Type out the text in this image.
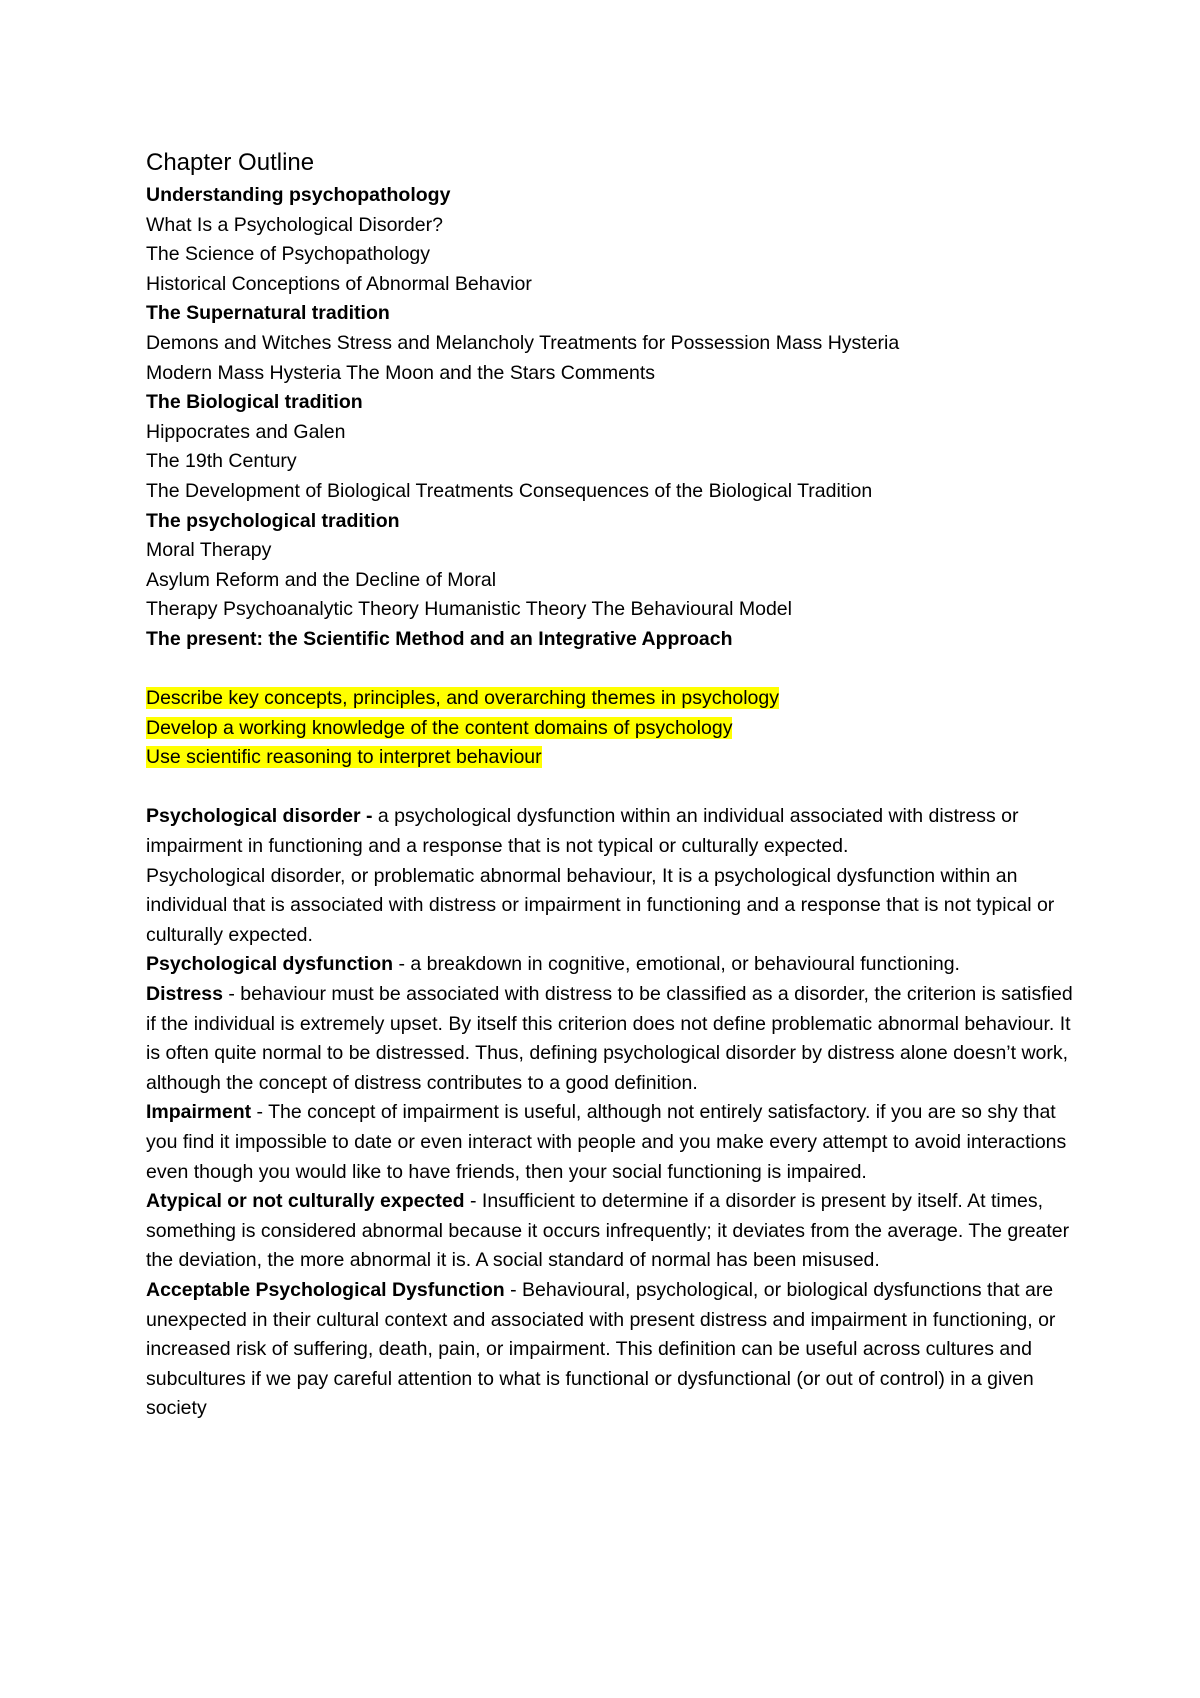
Chapter Outline
Understanding psychopathology
What Is a Psychological Disorder?
The Science of Psychopathology
Historical Conceptions of Abnormal Behavior
The Supernatural tradition
Demons and Witches Stress and Melancholy Treatments for Possession Mass Hysteria
Modern Mass Hysteria The Moon and the Stars Comments
The Biological tradition
Hippocrates and Galen
The 19th Century
The Development of Biological Treatments Consequences of the Biological Tradition
The psychological tradition
Moral Therapy
Asylum Reform and the Decline of Moral
Therapy Psychoanalytic Theory Humanistic Theory The Behavioural Model
The present: the Scientific Method and an Integrative Approach
Describe key concepts, principles, and overarching themes in psychology
Develop a working knowledge of the content domains of psychology
Use scientific reasoning to interpret behaviour
Psychological disorder - a psychological dysfunction within an individual associated with distress or impairment in functioning and a response that is not typical or culturally expected.
Psychological disorder, or problematic abnormal behaviour, It is a psychological dysfunction within an individual that is associated with distress or impairment in functioning and a response that is not typical or culturally expected.
Psychological dysfunction - a breakdown in cognitive, emotional, or behavioural functioning.
Distress - behaviour must be associated with distress to be classified as a disorder, the criterion is satisfied if the individual is extremely upset. By itself this criterion does not define problematic abnormal behaviour. It is often quite normal to be distressed. Thus, defining psychological disorder by distress alone doesn’t work, although the concept of distress contributes to a good definition.
Impairment - The concept of impairment is useful, although not entirely satisfactory. if you are so shy that you find it impossible to date or even interact with people and you make every attempt to avoid interactions even though you would like to have friends, then your social functioning is impaired.
Atypical or not culturally expected - Insufficient to determine if a disorder is present by itself. At times, something is considered abnormal because it occurs infrequently; it deviates from the average. The greater the deviation, the more abnormal it is. A social standard of normal has been misused.
Acceptable Psychological Dysfunction - Behavioural, psychological, or biological dysfunctions that are unexpected in their cultural context and associated with present distress and impairment in functioning, or increased risk of suffering, death, pain, or impairment. This definition can be useful across cultures and subcultures if we pay careful attention to what is functional or dysfunctional (or out of control) in a given society
